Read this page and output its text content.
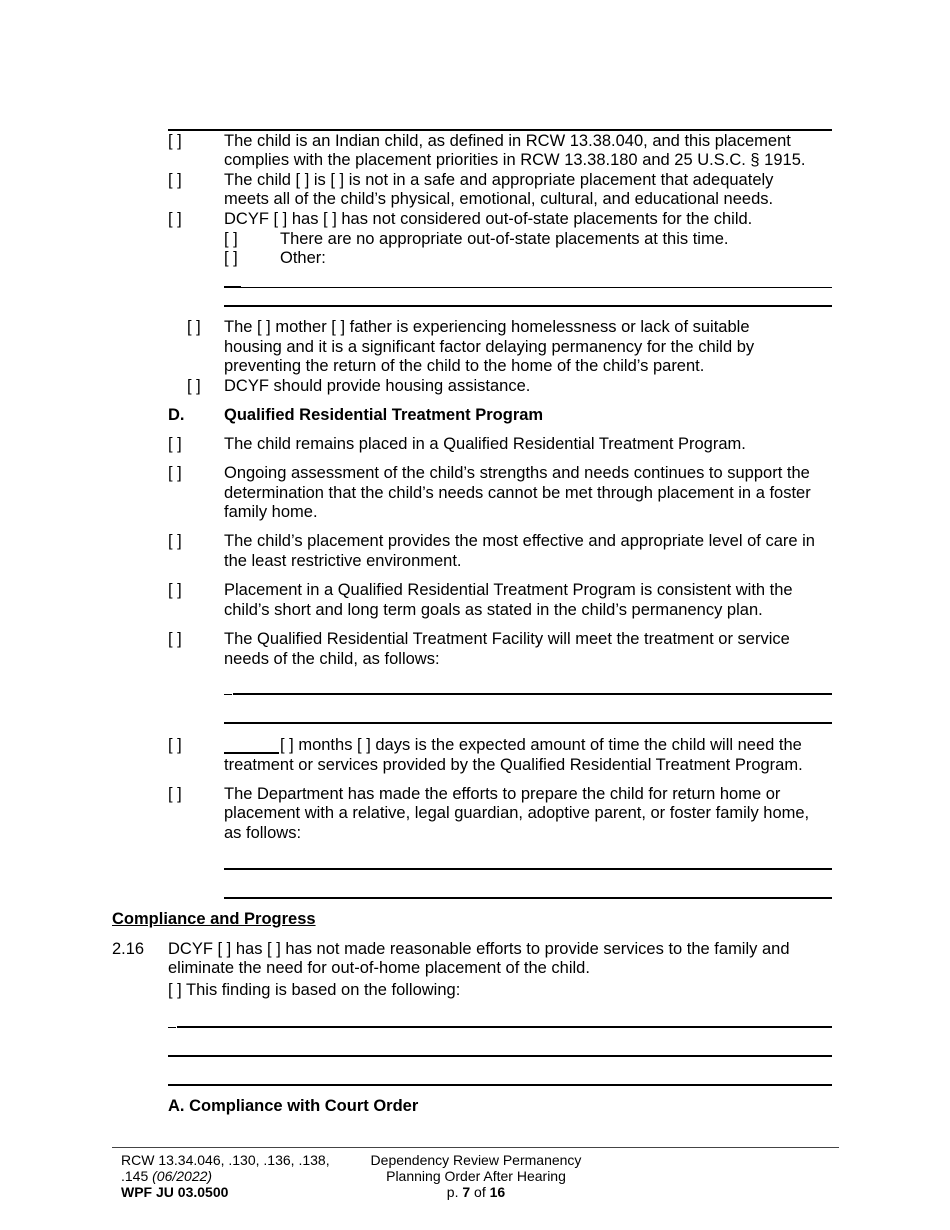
[ ]	The child is an Indian child, as defined in RCW 13.38.040, and this placement
complies with the placement priorities in RCW 13.38.180 and 25 U.S.C. § 1915.
[ ]	The child [ ] is [ ] is not in a safe and appropriate placement that adequately
meets all of the child’s physical, emotional, cultural, and educational needs.
[ ]	DCYF [ ] has [ ] has not considered out-of-state placements for the child.
[ ]	There are no appropriate out-of-state placements at this time.
[ ]	Other:
[ ] The [ ] mother [ ] father is experiencing homelessness or lack of suitable
housing and it is a significant factor delaying permanency for the child by
preventing the return of the child to the home of the child’s parent.
[ ] DCYF should provide housing assistance.
D. Qualified Residential Treatment Program
[ ]	The child remains placed in a Qualified Residential Treatment Program.
[ ]	Ongoing assessment of the child’s strengths and needs continues to support the
determination that the child’s needs cannot be met through placement in a foster
family home.
[ ]	The child’s placement provides the most effective and appropriate level of care in
the least restrictive environment.
[ ]	Placement in a Qualified Residential Treatment Program is consistent with the
child’s short and long term goals as stated in the child’s permanency plan.
[ ]	The Qualified Residential Treatment Facility will meet the treatment or service
needs of the child, as follows:
[ ]	[ ] months [ ] days is the expected amount of time the child will need the
treatment or services provided by the Qualified Residential Treatment Program.
[ ]	The Department has made the efforts to prepare the child for return home or
placement with a relative, legal guardian, adoptive parent, or foster family home,
as follows:
Compliance and Progress
2.16 DCYF [ ] has [ ] has not made reasonable efforts to provide services to the family and
eliminate the need for out-of-home placement of the child.
[ ] This finding is based on the following:
A. Compliance with Court Order
RCW 13.34.046, .130, .136, .138,
.145 (06/2022)
WPF JU 03.0500
Dependency Review Permanency
Planning Order After Hearing
p. 7 of 16
